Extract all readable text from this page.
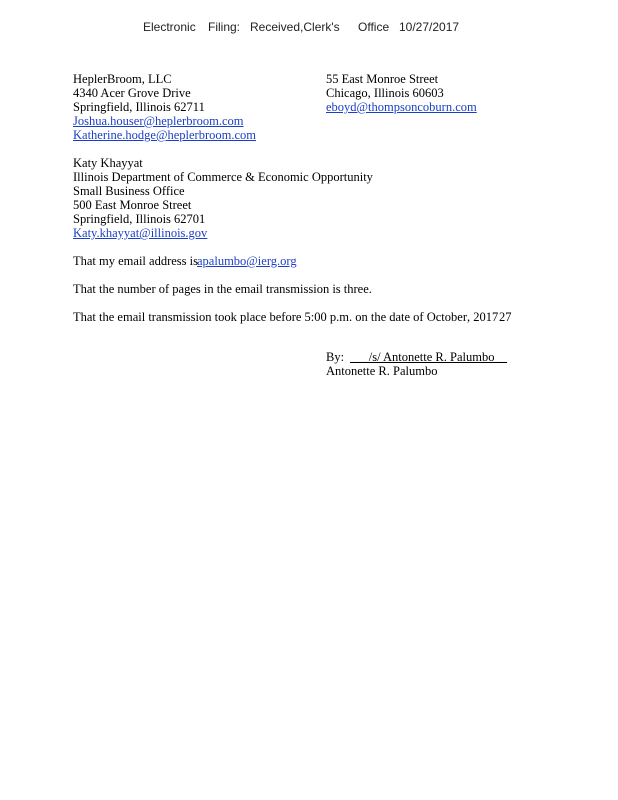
Electronic Filing: Received,Clerk's Office 10/27/2017
HeplerBroom, LLC
4340 Acer Grove Drive
Springfield, Illinois 62711
Joshua.houser@heplerbroom.com
Katherine.hodge@heplerbroom.com
55 East Monroe Street
Chicago, Illinois 60603
eboyd@thompsoncoburn.com
Katy Khayyat
Illinois Department of Commerce & Economic Opportunity
Small Business Office
500 East Monroe Street
Springfield, Illinois 62701
Katy.khayyat@illinois.gov
That my email address is apalumbo@ierg.org
That the number of pages in the email transmission is three.
That the email transmission took place before 5:00 p.m. on the date of October , 2017 27
By: ___/s/ Antonette R. Palumbo__
Antonette R. Palumbo
